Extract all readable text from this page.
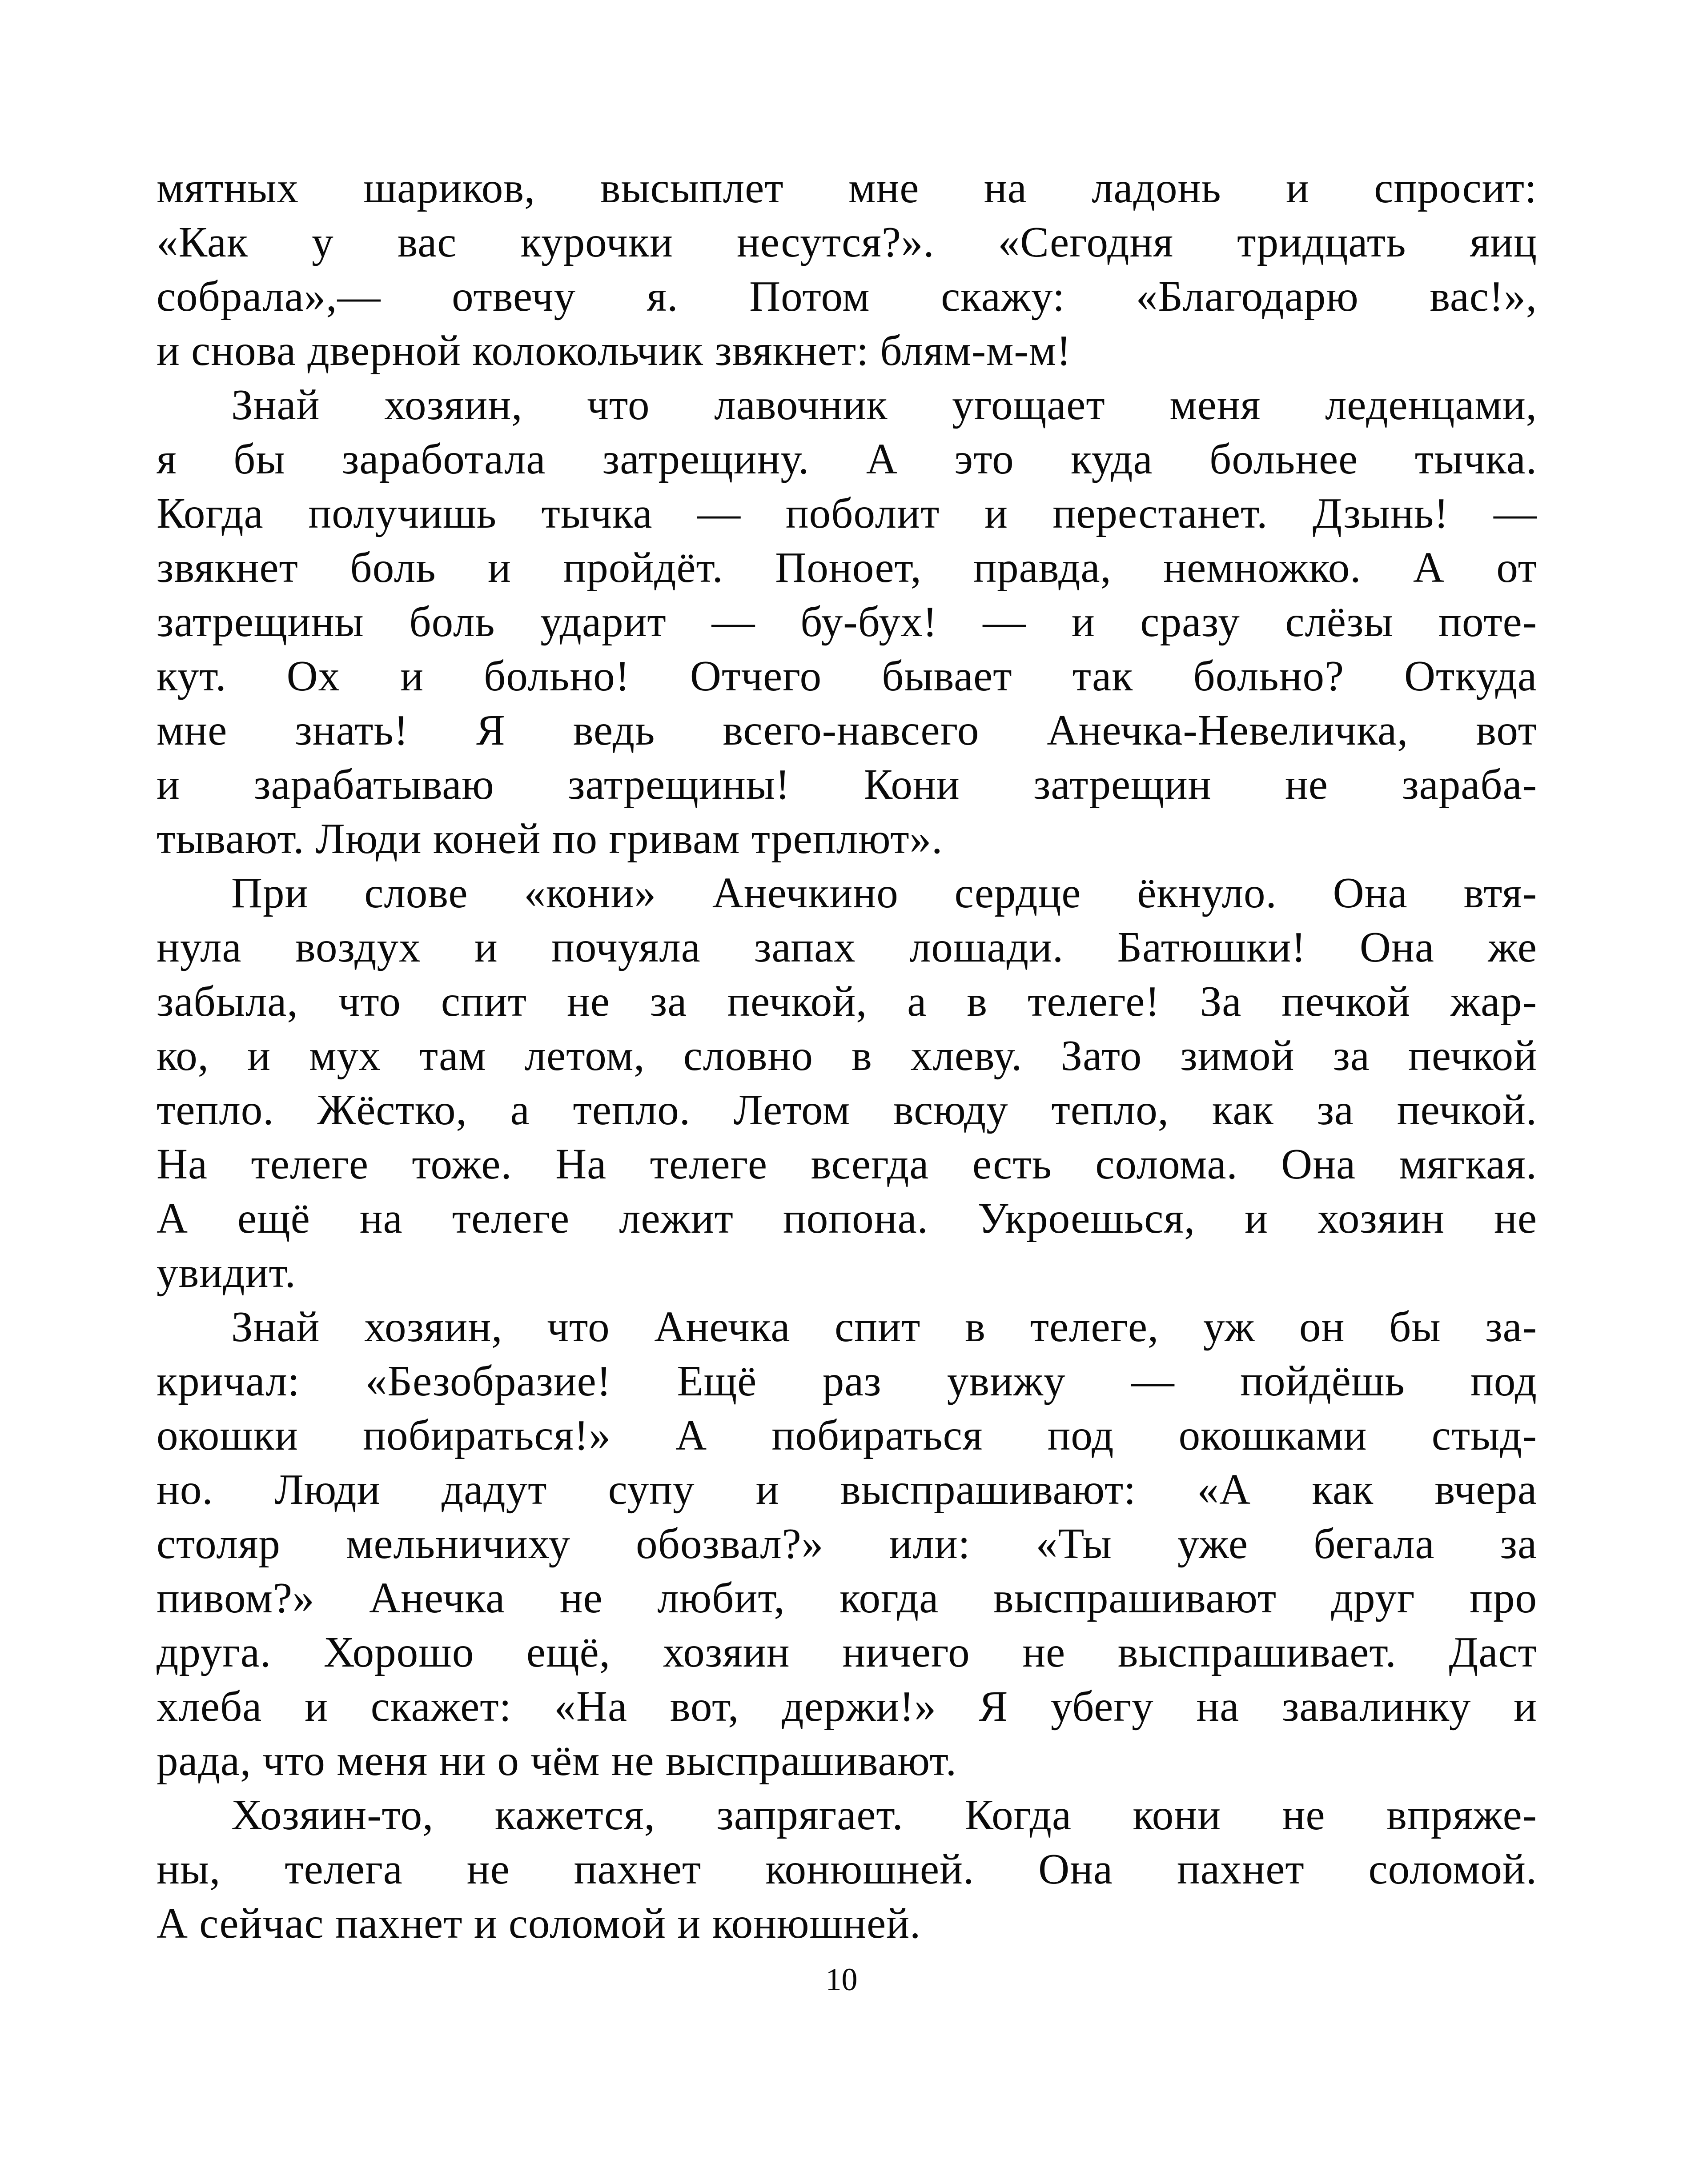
мятных шариков, высыплет мне на ладонь и спросит:
«Как у вас курочки несутся?». «Сегодня тридцать яиц
собрала»,— отвечу я. Потом скажу: «Благодарю вас!»,
и снова дверной колокольчик звякнет: блям-м-м!
Знай хозяин, что лавочник угощает меня леденцами,
я бы заработала затрещину. А это куда больнее тычка.
Когда получишь тычка — поболит и перестанет. Дзынь! —
звякнет боль и пройдёт. Поноет, правда, немножко. А от
затрещины боль ударит — бу-бух! — и сразу слёзы поте-
кут. Ох и больно! Отчего бывает так больно? Откуда
мне знать! Я ведь всего-навсего Анечка-Невеличка, вот
и зарабатываю затрещины! Кони затрещин не зараба-
тывают. Люди коней по гривам треплют».
При слове «кони» Анечкино сердце ёкнуло. Она втя-
нула воздух и почуяла запах лошади. Батюшки! Она же
забыла, что спит не за печкой, а в телеге! За печкой жар-
ко, и мух там летом, словно в хлеву. Зато зимой за печкой
тепло. Жёстко, а тепло. Летом всюду тепло, как за печкой.
На телеге тоже. На телеге всегда есть солома. Она мягкая.
А ещё на телеге лежит попона. Укроешься, и хозяин не
увидит.
Знай хозяин, что Анечка спит в телеге, уж он бы за-
кричал: «Безобразие! Ещё раз увижу — пойдёшь под
окошки побираться!» А побираться под окошками стыд-
но. Люди дадут супу и выспрашивают: «А как вчера
столяр мельничиху обозвал?» или: «Ты уже бегала за
пивом?» Анечка не любит, когда выспрашивают друг про
друга. Хорошо ещё, хозяин ничего не выспрашивает. Даст
хлеба и скажет: «На вот, держи!» Я убегу на завалинку и
рада, что меня ни о чём не выспрашивают.
Хозяин-то, кажется, запрягает. Когда кони не впряже-
ны, телега не пахнет конюшней. Она пахнет соломой.
А сейчас пахнет и соломой и конюшней.
10
